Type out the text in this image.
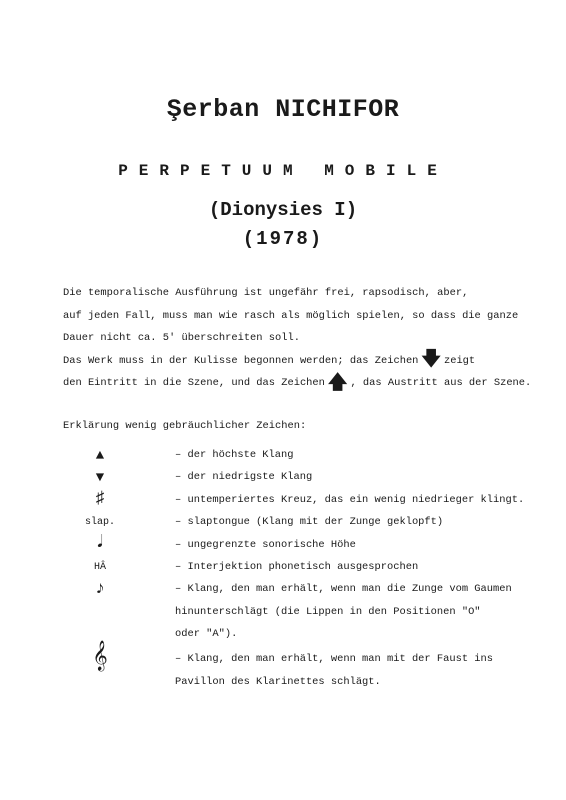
Şerban NICHIFOR
PERPETUUM MOBILE
(Dionysies I)
(1978)
Die temporalische Ausführung ist ungefähr frei, rapsodisch, aber,
auf jeden Fall, muss man wie rasch als möglich spielen, so dass die ganze
Dauer nicht ca. 5' überschreiten soll.
Das Werk muss in der Kulisse begonnen werden; das Zeichen 🡇 zeigt
den Eintritt in die Szene, und das Zeichen 🡅 , das Austritt aus der Szene.
Erklärung wenig gebräuchlicher Zeichen:
▲	– der höchste Klang
▼	– der niedrigste Klang
♯	– untemperiertes Kreuz, das ein wenig niedrieger klingt.
slap.	– slaptongue (Klang mit der Zunge geklopft)
𝅘𝅥	– ungegrenzte sonorische Höhe
HÂ	– Interjektion phonetisch ausgesprochen
♪	– Klang, den man erhält, wenn man die Zunge vom Gaumen
hinunterschlägt (die Lippen in den Positionen "O"
oder "A").
𝄞	– Klang, den man erhält, wenn man mit der Faust ins
Pavillon des Klarinettes schlägt.
